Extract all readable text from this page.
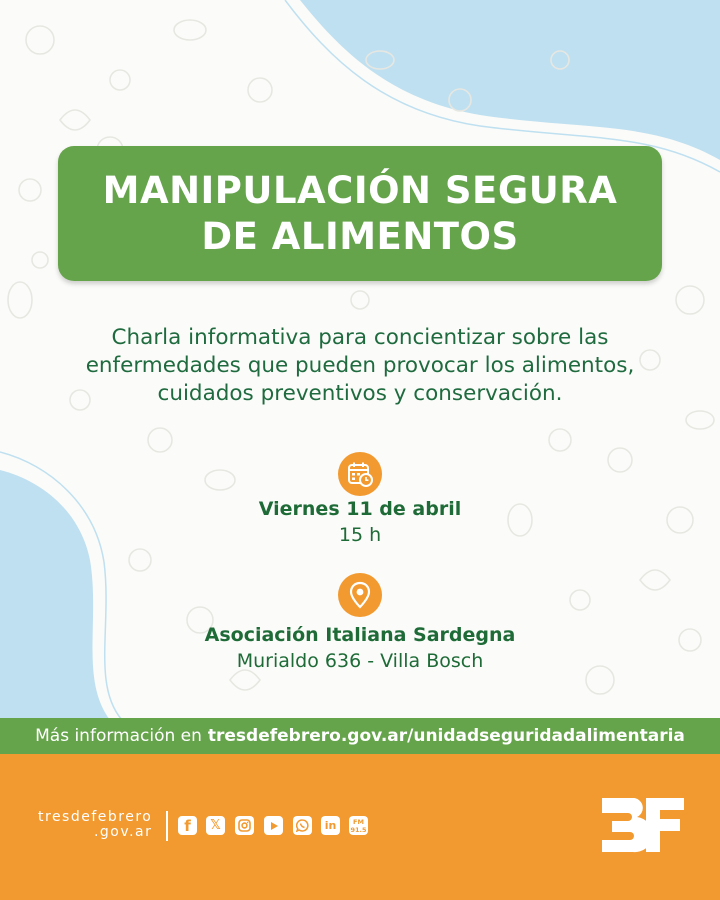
MANIPULACIÓN SEGURA
DE ALIMENTOS
Charla informativa para concientizar sobre las
enfermedades que pueden provocar los alimentos,
cuidados preventivos y conservación.
Viernes 11 de abril
15 h
Asociación Italiana Sardegna
Murialdo 636 - Villa Bosch
Más información en tresdefebrero.gov.ar/unidadseguridadalimentaria
tresdefebrero
.gov.ar f 𝕏	in	FM
91.5
